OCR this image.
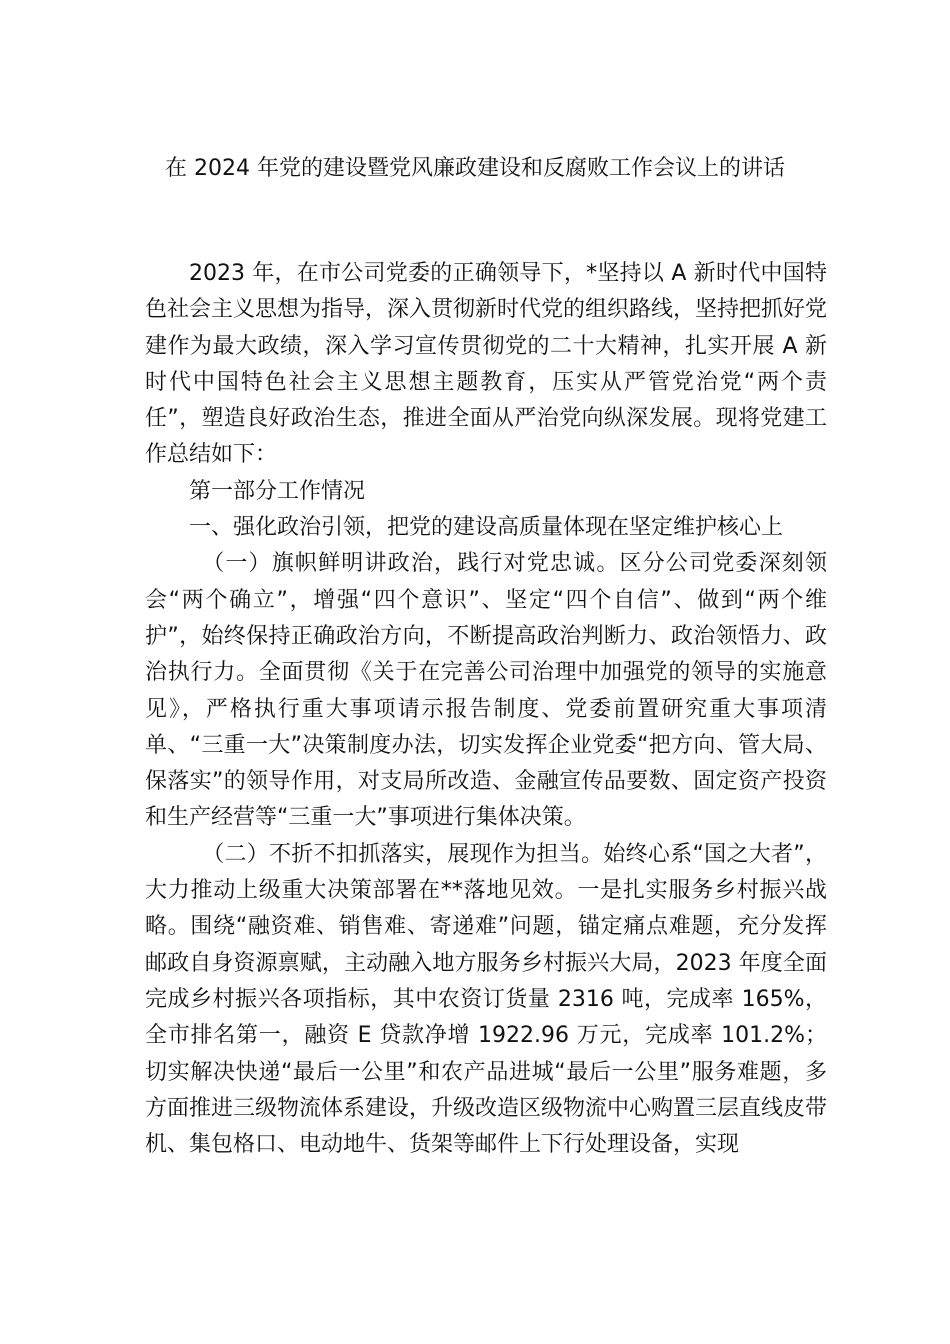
在 2024 年党的建设暨党风廉政建设和反腐败工作会议上的讲话

2023 年，在市公司党委的正确领导下，*坚持以 A 新时代中国特色社会主义思想为指导，深入贯彻新时代党的组织路线，坚持把抓好党建作为最大政绩，深入学习宣传贯彻党的二十大精神，扎实开展 A 新时代中国特色社会主义思想主题教育，压实从严管党治党“两个责任”，塑造良好政治生态，推进全面从严治党向纵深发展。现将党建工作总结如下：

第一部分工作情况

一、强化政治引领，把党的建设高质量体现在坚定维护核心上

（一）旗帜鲜明讲政治，践行对党忠诚。区分公司党委深刻领会“两个确立”，增强“四个意识”、坚定“四个自信”、做到“两个维护”，始终保持正确政治方向，不断提高政治判断力、政治领悟力、政治执行力。全面贯彻《关于在完善公司治理中加强党的领导的实施意见》，严格执行重大事项请示报告制度、党委前置研究重大事项清单、“三重一大”决策制度办法，切实发挥企业党委“把方向、管大局、保落实”的领导作用，对支局所改造、金融宣传品要数、固定资产投资和生产经营等“三重一大”事项进行集体决策。

（二）不折不扣抓落实，展现作为担当。始终心系“国之大者”，大力推动上级重大决策部署在**落地见效。一是扎实服务乡村振兴战略。围绕“融资难、销售难、寄递难”问题，锚定痛点难题，充分发挥邮政自身资源禀赋，主动融入地方服务乡村振兴大局，2023 年度全面完成乡村振兴各项指标，其中农资订货量 2316 吨，完成率 165%，全市排名第一，融资 E 贷款净增 1922.96 万元，完成率 101.2%；切实解决快递“最后一公里”和农产品进城“最后一公里”服务难题，多方面推进三级物流体系建设，升级改造区级物流中心购置三层直线皮带机、集包格口、电动地牛、货架等邮件上下行处理设备，实现
